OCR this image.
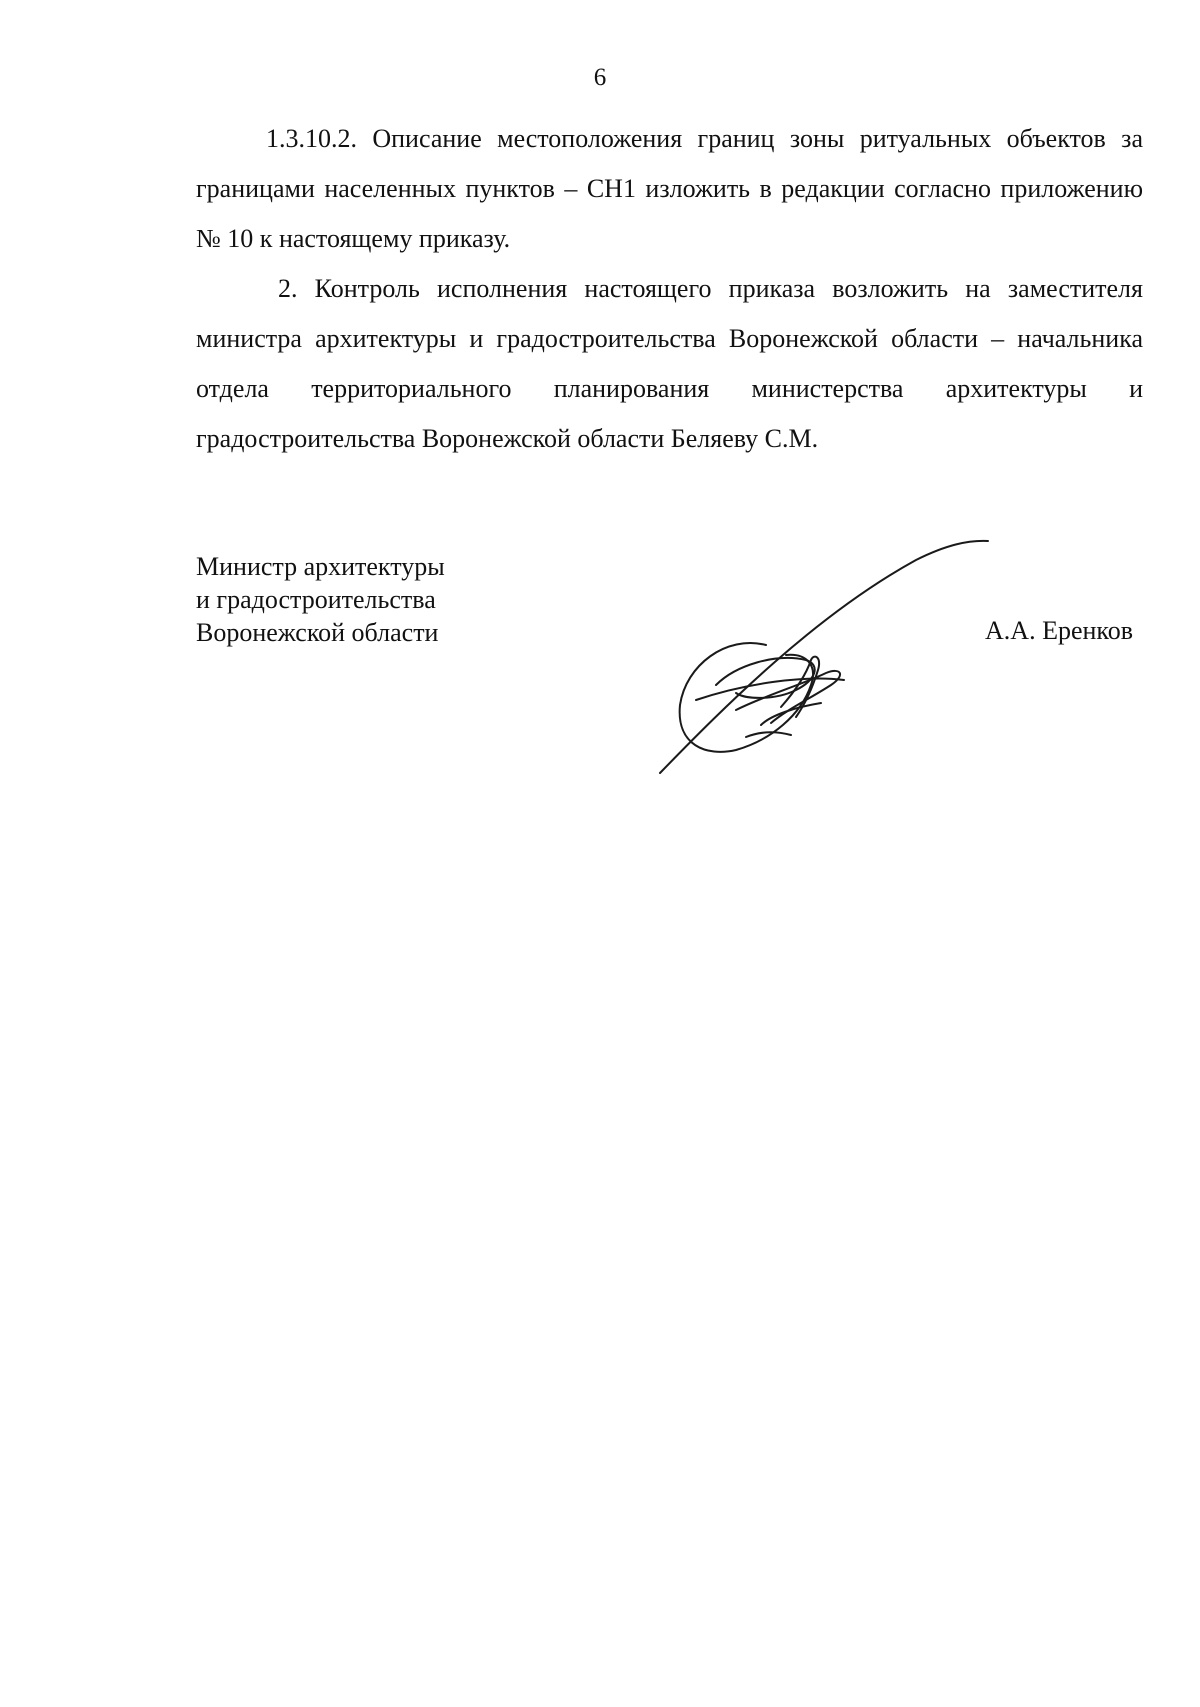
6

1.3.10.2. Описание местоположения границ зоны ритуальных объектов за границами населенных пунктов – СН1 изложить в редакции согласно приложению № 10 к настоящему приказу.

2. Контроль исполнения настоящего приказа возложить на заместителя министра архитектуры и градостроительства Воронежской области – начальника отдела территориального планирования министерства архитектуры и градостроительства Воронежской области Беляеву С.М.

Министр архитектуры
и градостроительства
Воронежской области	А.А. Еренков
